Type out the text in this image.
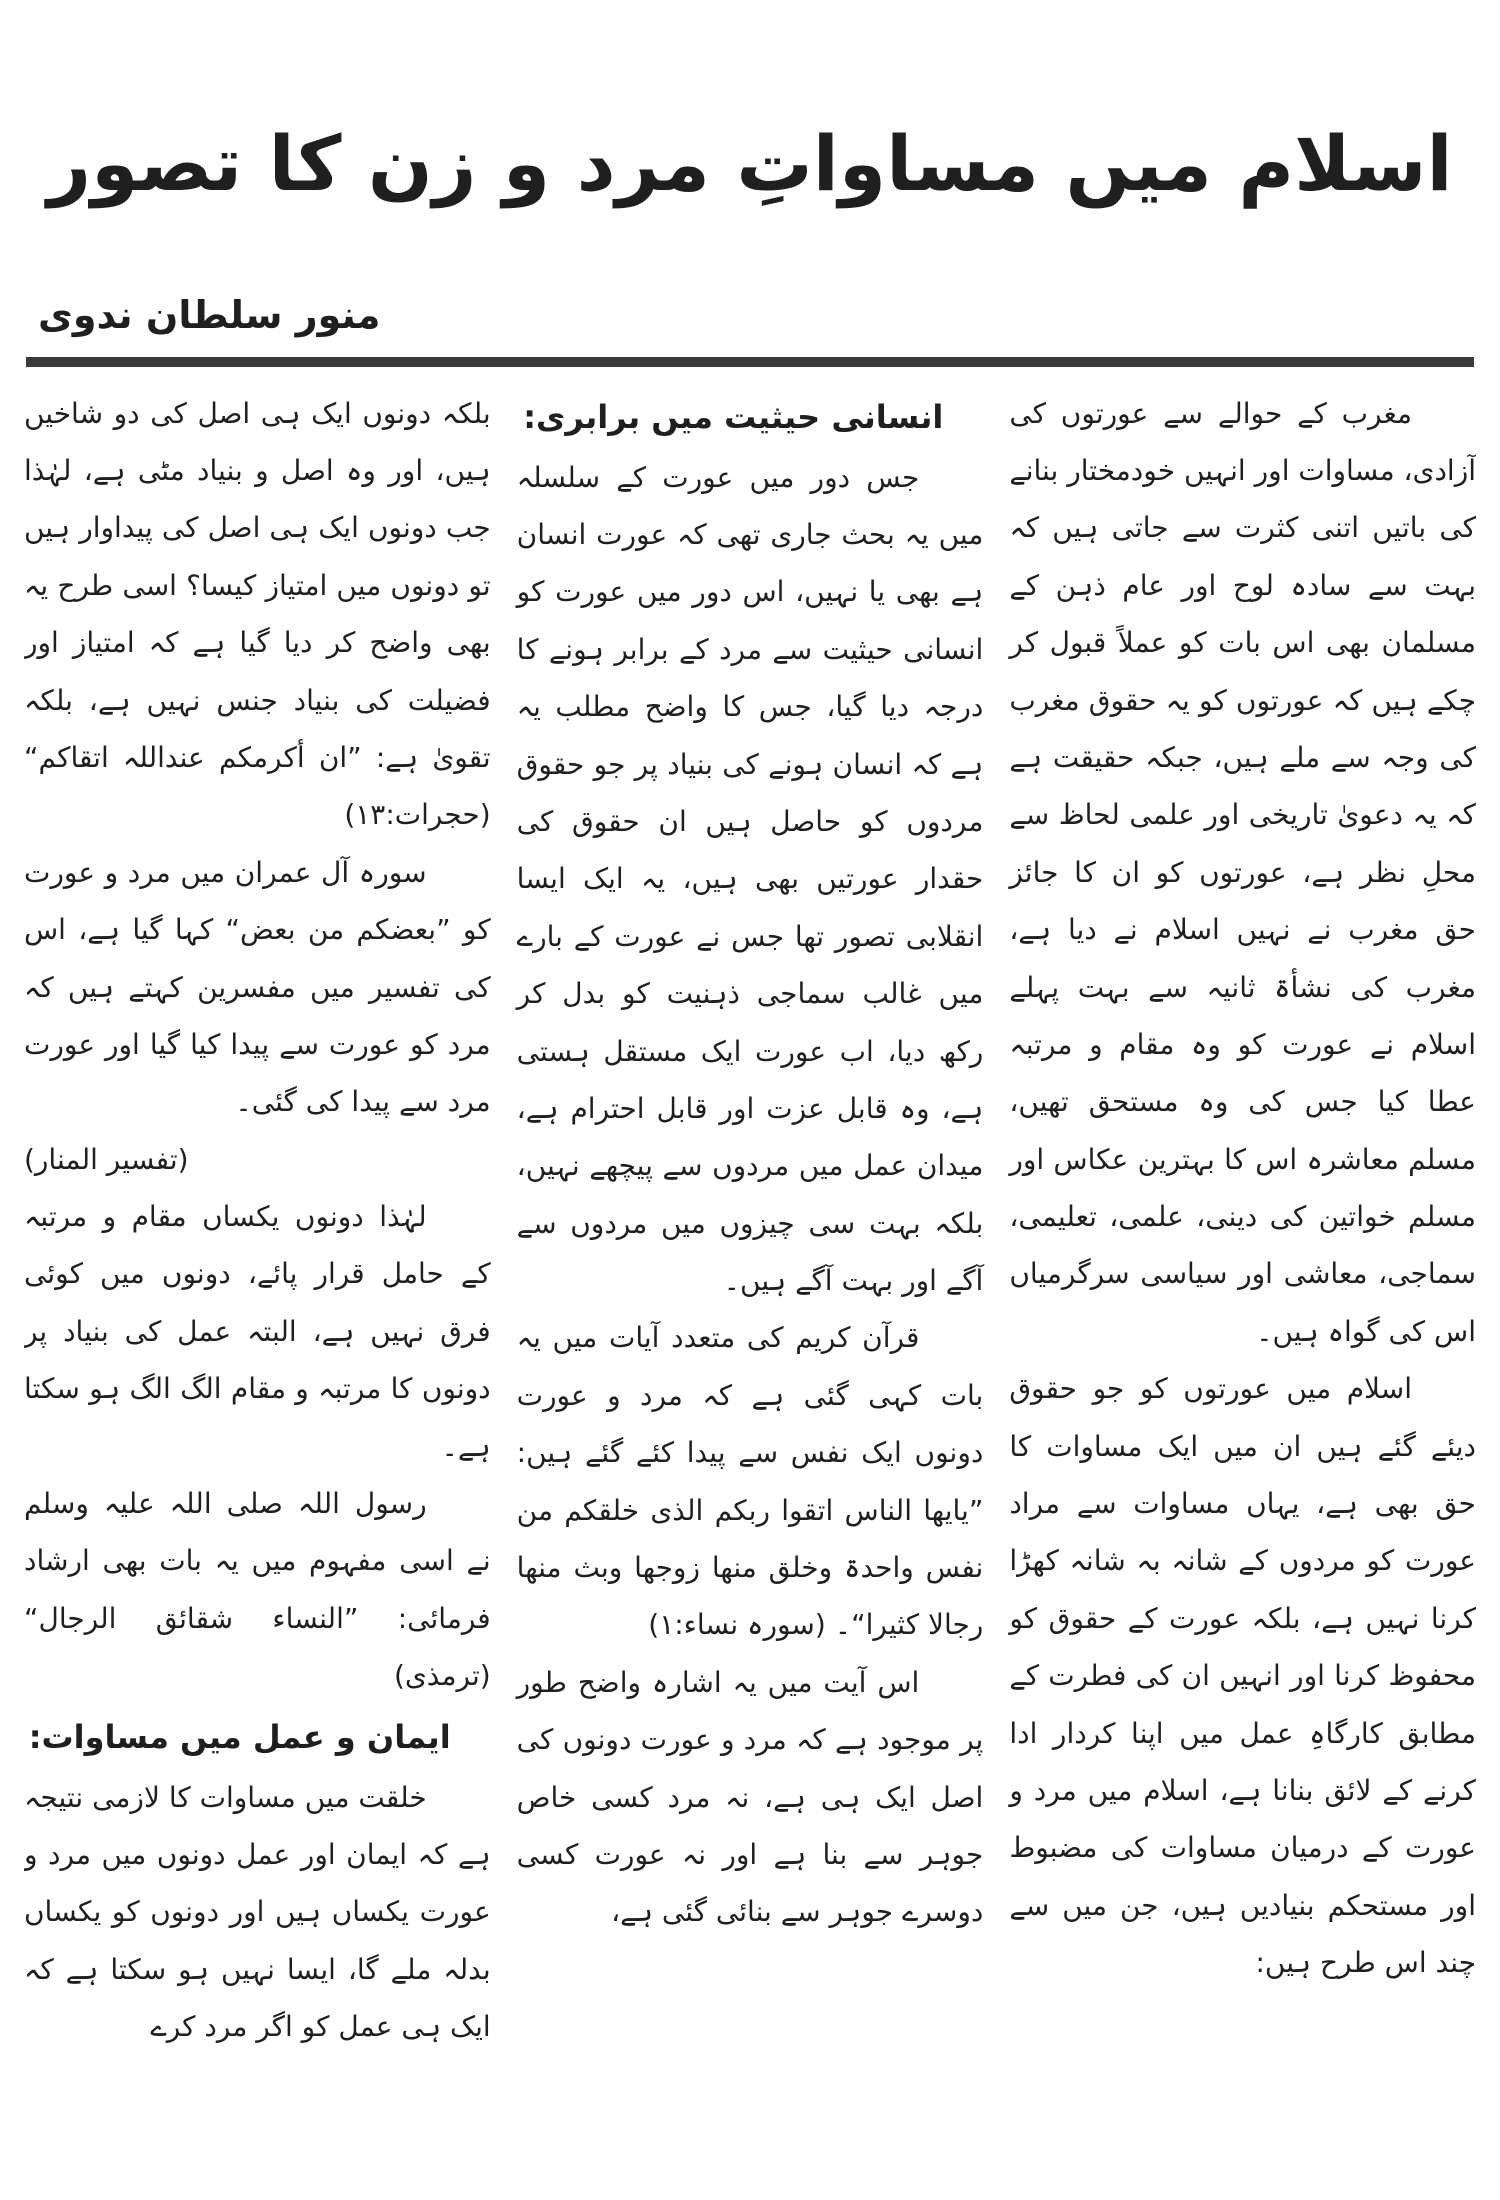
اسلام میں مساواتِ مرد و زن کا تصور
منور سلطان ندوی

مغرب کے حوالے سے عورتوں کی آزادی، مساوات اور انہیں خودمختار بنانے کی باتیں اتنی کثرت سے جاتی ہیں کہ بہت سے سادہ لوح اور عام ذہن کے مسلمان بھی اس بات کو عملاً قبول کر چکے ہیں کہ عورتوں کو یہ حقوق مغرب کی وجہ سے ملے ہیں، جبکہ حقیقت ہے کہ یہ دعویٰ تاریخی اور علمی لحاظ سے محلِ نظر ہے، عورتوں کو ان کا جائز حق مغرب نے نہیں اسلام نے دیا ہے، مغرب کی نشأۃ ثانیہ سے بہت پہلے اسلام نے عورت کو وہ مقام و مرتبہ عطا کیا جس کی وہ مستحق تھیں، مسلم معاشرہ اس کا بہترین عکاس اور مسلم خواتین کی دینی، علمی، تعلیمی، سماجی، معاشی اور سیاسی سرگرمیاں اس کی گواہ ہیں۔

اسلام میں عورتوں کو جو حقوق دیئے گئے ہیں ان میں ایک مساوات کا حق بھی ہے، یہاں مساوات سے مراد عورت کو مردوں کے شانہ بہ شانہ کھڑا کرنا نہیں ہے، بلکہ عورت کے حقوق کو محفوظ کرنا اور انہیں ان کی فطرت کے مطابق کارگاہِ عمل میں اپنا کردار ادا کرنے کے لائق بنانا ہے، اسلام میں مرد و عورت کے درمیان مساوات کی مضبوط اور مستحکم بنیادیں ہیں، جن میں سے چند اس طرح ہیں:

انسانی حیثیت میں برابری:

جس دور میں عورت کے سلسلہ میں یہ بحث جاری تھی کہ عورت انسان ہے بھی یا نہیں، اس دور میں عورت کو انسانی حیثیت سے مرد کے برابر ہونے کا درجہ دیا گیا، جس کا واضح مطلب یہ ہے کہ انسان ہونے کی بنیاد پر جو حقوق مردوں کو حاصل ہیں ان حقوق کی حقدار عورتیں بھی ہیں، یہ ایک ایسا انقلابی تصور تھا جس نے عورت کے بارے میں غالب سماجی ذہنیت کو بدل کر رکھ دیا، اب عورت ایک مستقل ہستی ہے، وہ قابل عزت اور قابل احترام ہے، میدان عمل میں مردوں سے پیچھے نہیں، بلکہ بہت سی چیزوں میں مردوں سے آگے اور بہت آگے ہیں۔

قرآن کریم کی متعدد آیات میں یہ بات کہی گئی ہے کہ مرد و عورت دونوں ایک نفس سے پیدا کئے گئے ہیں: ”یایھا الناس اتقوا ربکم الذی خلقکم من نفس واحدۃ وخلق منھا زوجھا وبث منھا رجالا کثیرا“۔ (سورہ نساء:۱)

اس آیت میں یہ اشارہ واضح طور پر موجود ہے کہ مرد و عورت دونوں کی اصل ایک ہی ہے، نہ مرد کسی خاص جوہر سے بنا ہے اور نہ عورت کسی دوسرے جوہر سے بنائی گئی ہے،

بلکہ دونوں ایک ہی اصل کی دو شاخیں ہیں، اور وہ اصل و بنیاد مٹی ہے، لہٰذا جب دونوں ایک ہی اصل کی پیداوار ہیں تو دونوں میں امتیاز کیسا؟ اسی طرح یہ بھی واضح کر دیا گیا ہے کہ امتیاز اور فضیلت کی بنیاد جنس نہیں ہے، بلکہ تقویٰ ہے: ”ان أکرمکم عنداللہ اتقاکم“ (حجرات:۱۳)

سورہ آل عمران میں مرد و عورت کو ”بعضکم من بعض“ کہا گیا ہے، اس کی تفسیر میں مفسرین کہتے ہیں کہ مرد کو عورت سے پیدا کیا گیا اور عورت مرد سے پیدا کی گئی۔

(تفسیر المنار)

لہٰذا دونوں یکساں مقام و مرتبہ کے حامل قرار پائے، دونوں میں کوئی فرق نہیں ہے، البتہ عمل کی بنیاد پر دونوں کا مرتبہ و مقام الگ الگ ہو سکتا ہے۔

رسول اللہ صلی اللہ علیہ وسلم نے اسی مفہوم میں یہ بات بھی ارشاد فرمائی: ”النساء شقائق الرجال“ (ترمذی)

ایمان و عمل میں مساوات:

خلقت میں مساوات کا لازمی نتیجہ ہے کہ ایمان اور عمل دونوں میں مرد و عورت یکساں ہیں اور دونوں کو یکساں بدلہ ملے گا، ایسا نہیں ہو سکتا ہے کہ ایک ہی عمل کو اگر مرد کرے
